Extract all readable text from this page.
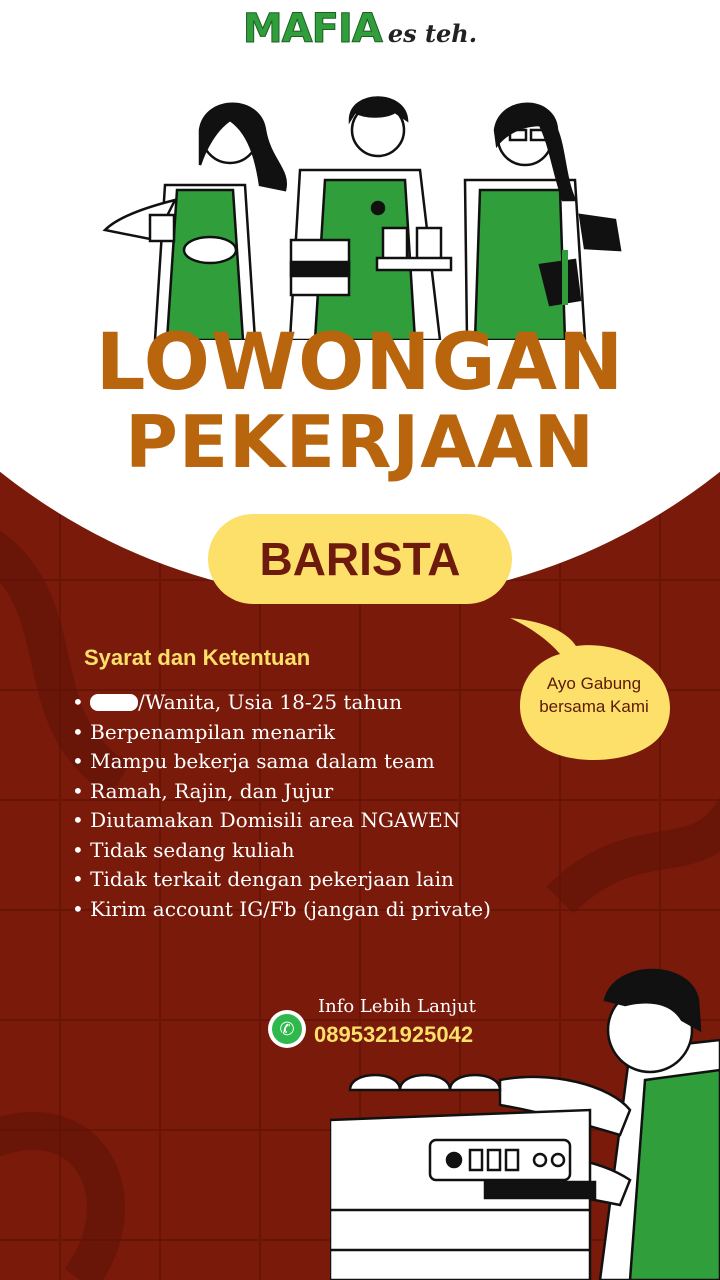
MAFIA es teh.
LOWONGAN
PEKERJAAN
BARISTA
Ayo Gabung
bersama Kami
Syarat dan Ketentuan
• /Wanita, Usia 18-25 tahun
• Berpenampilan menarik
• Mampu bekerja sama dalam team
• Ramah, Rajin, dan Jujur
• Diutamakan Domisili area NGAWEN
• Tidak sedang kuliah
• Tidak terkait dengan pekerjaan lain
• Kirim account IG/Fb (jangan di private)
✆
Info Lebih Lanjut
0895321925042
